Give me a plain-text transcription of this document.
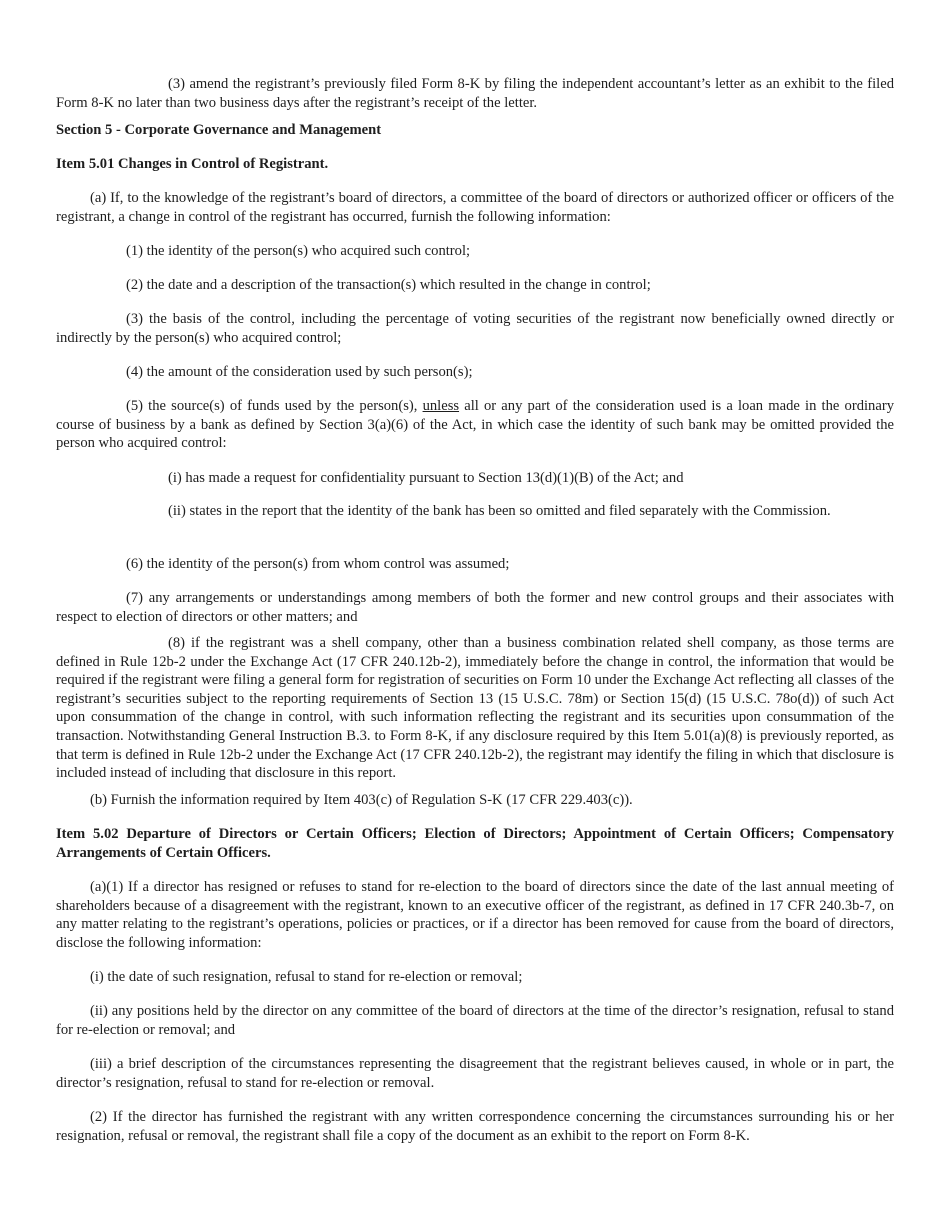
(3) amend the registrant’s previously filed Form 8-K by filing the independent accountant’s letter as an exhibit to the filed Form 8-K no later than two business days after the registrant’s receipt of the letter.

Section 5 - Corporate Governance and Management

Item 5.01 Changes in Control of Registrant.

(a) If, to the knowledge of the registrant’s board of directors, a committee of the board of directors or authorized officer or officers of the registrant, a change in control of the registrant has occurred, furnish the following information:

(1) the identity of the person(s) who acquired such control;

(2) the date and a description of the transaction(s) which resulted in the change in control;

(3) the basis of the control, including the percentage of voting securities of the registrant now beneficially owned directly or indirectly by the person(s) who acquired control;

(4) the amount of the consideration used by such person(s);

(5) the source(s) of funds used by the person(s), unless all or any part of the consideration used is a loan made in the ordinary course of business by a bank as defined by Section 3(a)(6) of the Act, in which case the identity of such bank may be omitted provided the person who acquired control:

(i) has made a request for confidentiality pursuant to Section 13(d)(1)(B) of the Act; and

(ii) states in the report that the identity of the bank has been so omitted and filed separately with the Commission.

(6) the identity of the person(s) from whom control was assumed;

(7) any arrangements or understandings among members of both the former and new control groups and their associates with respect to election of directors or other matters; and

(8) if the registrant was a shell company, other than a business combination related shell company, as those terms are defined in Rule 12b-2 under the Exchange Act (17 CFR 240.12b-2), immediately before the change in control, the information that would be required if the registrant were filing a general form for registration of securities on Form 10 under the Exchange Act reflecting all classes of the registrant’s securities subject to the reporting requirements of Section 13 (15 U.S.C. 78m) or Section 15(d) (15 U.S.C. 78o(d)) of such Act upon consummation of the change in control, with such information reflecting the registrant and its securities upon consummation of the transaction. Notwithstanding General Instruction B.3. to Form 8-K, if any disclosure required by this Item 5.01(a)(8) is previously reported, as that term is defined in Rule 12b-2 under the Exchange Act (17 CFR 240.12b-2), the registrant may identify the filing in which that disclosure is included instead of including that disclosure in this report.

(b) Furnish the information required by Item 403(c) of Regulation S-K (17 CFR 229.403(c)).

Item 5.02 Departure of Directors or Certain Officers; Election of Directors; Appointment of Certain Officers; Compensatory Arrangements of Certain Officers.

(a)(1) If a director has resigned or refuses to stand for re-election to the board of directors since the date of the last annual meeting of shareholders because of a disagreement with the registrant, known to an executive officer of the registrant, as defined in 17 CFR 240.3b-7, on any matter relating to the registrant’s operations, policies or practices, or if a director has been removed for cause from the board of directors, disclose the following information:

(i) the date of such resignation, refusal to stand for re-election or removal;

(ii) any positions held by the director on any committee of the board of directors at the time of the director’s resignation, refusal to stand for re-election or removal; and

(iii) a brief description of the circumstances representing the disagreement that the registrant believes caused, in whole or in part, the director’s resignation, refusal to stand for re-election or removal.

(2) If the director has furnished the registrant with any written correspondence concerning the circumstances surrounding his or her resignation, refusal or removal, the registrant shall file a copy of the document as an exhibit to the report on Form 8-K.
